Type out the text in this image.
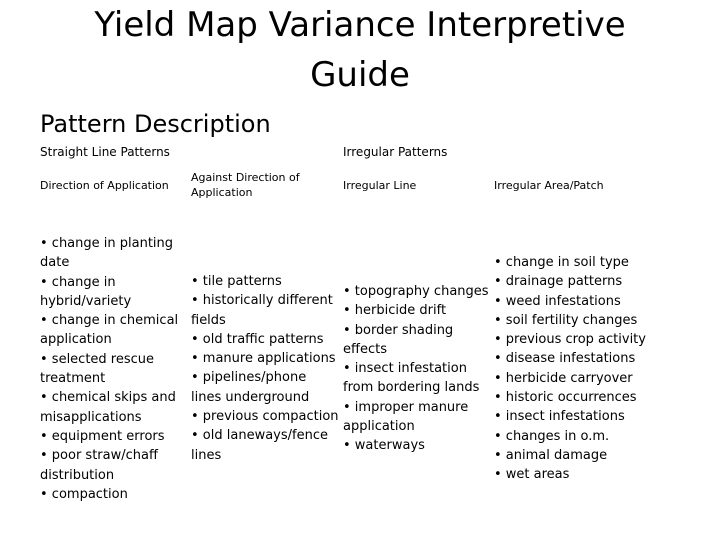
Yield Map Variance Interpretive
Guide
Pattern Description
Straight Line Patterns	Irregular Patterns
Direction of Application
Against Direction of
Application
Irregular Line	Irregular Area/Patch
• change in planting
date
• change in
hybrid/variety
• change in chemical
application
• selected rescue
treatment
• chemical skips and
misapplications
• equipment errors
• poor straw/chaff
distribution
• compaction
• tile patterns
• historically different
fields
• old traffic patterns
• manure applications
• pipelines/phone
lines underground
• previous compaction
• old laneways/fence
lines
• topography changes
• herbicide drift
• border shading
effects
• insect infestation
from bordering lands
• improper manure
application
• waterways
• change in soil type
• drainage patterns
• weed infestations
• soil fertility changes
• previous crop activity
• disease infestations
• herbicide carryover
• historic occurrences
• insect infestations
• changes in o.m.
• animal damage
• wet areas
